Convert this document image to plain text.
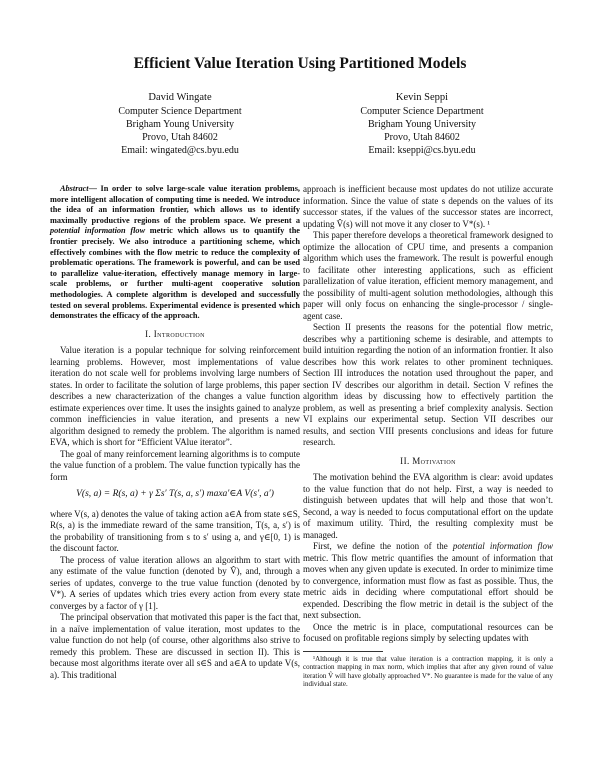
Efficient Value Iteration Using Partitioned Models
David Wingate
Computer Science Department
Brigham Young University
Provo, Utah 84602
Email: wingated@cs.byu.edu
Kevin Seppi
Computer Science Department
Brigham Young University
Provo, Utah 84602
Email: kseppi@cs.byu.edu

Abstract— In order to solve large-scale value iteration problems, more intelligent allocation of computing time is needed. We introduce the idea of an information frontier, which allows us to identify maximally productive regions of the problem space. We present a potential information flow metric which allows us to quantify the frontier precisely. We also introduce a partitioning scheme, which effectively combines with the flow metric to reduce the complexity of problematic operations. The framework is powerful, and can be used to parallelize value-iteration, effectively manage memory in large-scale problems, or further multi-agent cooperative solution methodologies. A complete algorithm is developed and successfully tested on several problems. Experimental evidence is presented which demonstrates the efficacy of the approach.

I. Introduction

Value iteration is a popular technique for solving reinforcement learning problems. However, most implementations of value iteration do not scale well for problems involving large numbers of states. In order to facilitate the solution of large problems, this paper describes a new characterization of the changes a value function estimate experiences over time. It uses the insights gained to analyze common inefficiencies in value iteration, and presents a new algorithm designed to remedy the problem. The algorithm is named EVA, which is short for “Efficient VAlue iterator”.

The goal of many reinforcement learning algorithms is to compute the value function of a problem. The value function typically has the form

V(s, a) = R(s, a) + γ Σs′ T(s, a, s′) maxa′∈A V(s′, a′)

where V(s, a) denotes the value of taking action a∈A from state s∈S, R(s, a) is the immediate reward of the same transition, T(s, a, s′) is the probability of transitioning from s to s′ using a, and γ∈[0, 1) is the discount factor.

The process of value iteration allows an algorithm to start with any estimate of the value function (denoted by V̂), and, through a series of updates, converge to the true value function (denoted by V*). A series of updates which tries every action from every state converges by a factor of γ [1].

The principal observation that motivated this paper is the fact that, in a naïve implementation of value iteration, most updates to the value function do not help (of course, other algorithms also strive to remedy this problem. These are discussed in section II). This is because most algorithms iterate over all s∈S and a∈A to update V(s, a). This traditional

approach is inefficient because most updates do not utilize accurate information. Since the value of state s depends on the values of its successor states, if the values of the successor states are incorrect, updating V̂(s) will not move it any closer to V*(s). ¹

This paper therefore develops a theoretical framework designed to optimize the allocation of CPU time, and presents a companion algorithm which uses the framework. The result is powerful enough to facilitate other interesting applications, such as efficient parallelization of value iteration, efficient memory management, and the possibility of multi-agent solution methodologies, although this paper will only focus on enhancing the single-processor / single-agent case.

Section II presents the reasons for the potential flow metric, describes why a partitioning scheme is desirable, and attempts to build intuition regarding the notion of an information frontier. It also describes how this work relates to other prominent techniques. Section III introduces the notation used throughout the paper, and section IV describes our algorithm in detail. Section V refines the algorithm ideas by discussing how to effectively partition the problem, as well as presenting a brief complexity analysis. Section VI explains our experimental setup. Section VII describes our results, and section VIII presents conclusions and ideas for future research.

II. Motivation

The motivation behind the EVA algorithm is clear: avoid updates to the value function that do not help. First, a way is needed to distinguish between updates that will help and those that won’t. Second, a way is needed to focus computational effort on the update of maximum utility. Third, the resulting complexity must be managed.

First, we define the notion of the potential information flow metric. This flow metric quantifies the amount of information that moves when any given update is executed. In order to minimize time to convergence, information must flow as fast as possible. Thus, the metric aids in deciding where computational effort should be expended. Describing the flow metric in detail is the subject of the next subsection.

Once the metric is in place, computational resources can be focused on profitable regions simply by selecting updates with

¹Although it is true that value iteration is a contraction mapping, it is only a contraction mapping in max norm, which implies that after any given round of value iteration V̂ will have globally approached V*. No guarantee is made for the value of any individual state.
